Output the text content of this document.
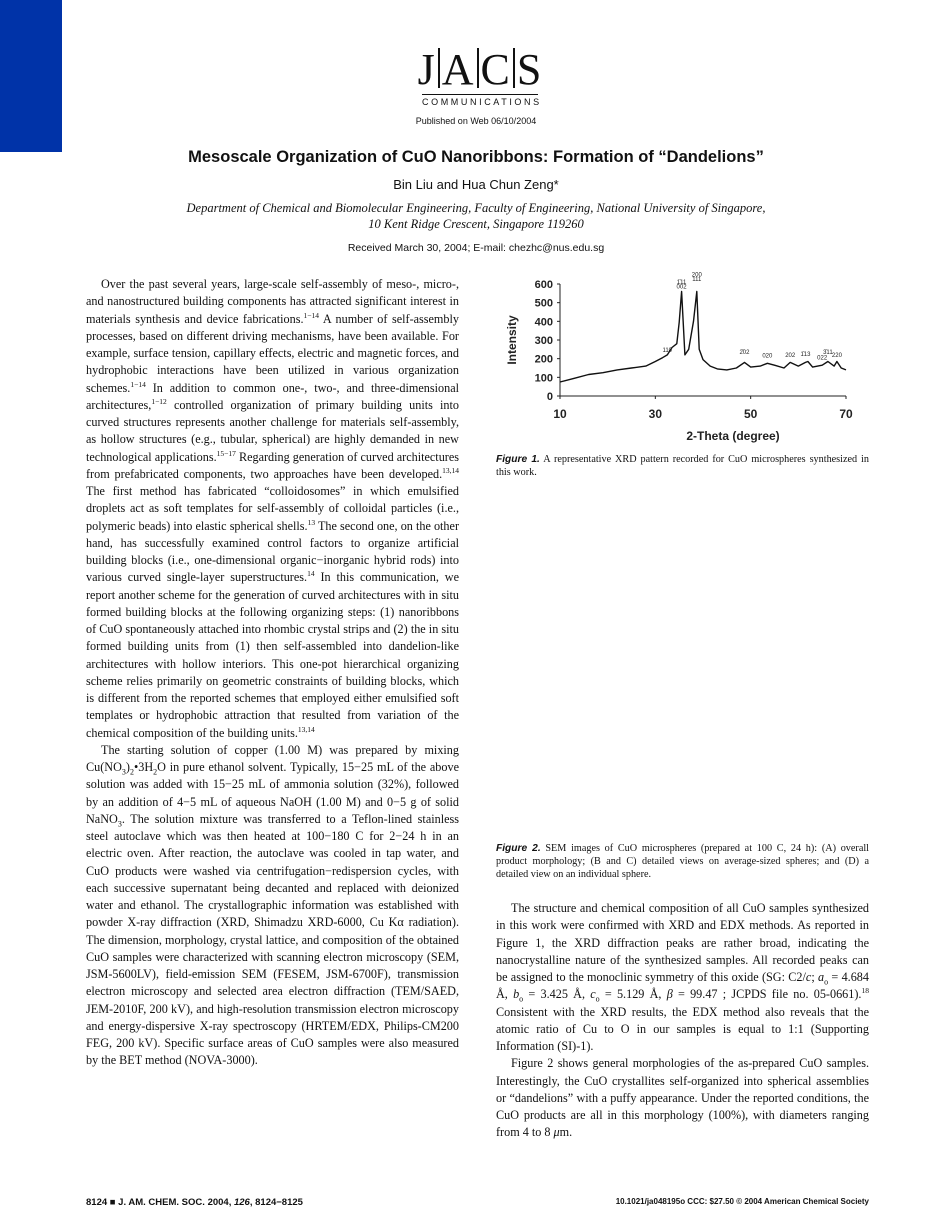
J A C S
COMMUNICATIONS
Published on Web 06/10/2004
Mesoscale Organization of CuO Nanoribbons: Formation of “Dandelions”
Bin Liu and Hua Chun Zeng*
Department of Chemical and Biomolecular Engineering, Faculty of Engineering, National University of Singapore,
10 Kent Ridge Crescent, Singapore 119260
Received March 30, 2004; E-mail: chezhc@nus.edu.sg

Over the past several years, large-scale self-assembly of meso-, micro-, and nanostructured building components has attracted significant interest in materials synthesis and device fabrications.$^{1-14}$ A number of self-assembly processes, based on different driving mechanisms, have been available. For example, surface tension, capillary effects, electric and magnetic forces, and hydrophobic interactions have been utilized in various organization schemes.$^{1-14}$ In addition to common one-, two-, and three-dimensional architectures,$^{1-12}$ controlled organization of primary building units into curved structures represents another challenge for materials self-assembly, as hollow structures (e.g., tubular, spherical) are highly demanded in new technological applications.$^{15-17}$ Regarding generation of curved architectures from prefabricated components, two approaches have been developed.$^{13,14}$ The first method has fabricated “colloidosomes” in which emulsified droplets act as soft templates for self-assembly of colloidal particles (i.e., polymeric beads) into elastic spherical shells.$^{13}$ The second one, on the other hand, has successfully examined control factors to organize artificial building blocks (i.e., one-dimensional organic−inorganic hybrid rods) into various curved single-layer superstructures.$^{14}$ In this communication, we report another scheme for the generation of curved architectures with in situ formed building blocks at the following organizing steps: (1) nanoribbons of CuO spontaneously attached into rhombic crystal strips and (2) the in situ formed building units from (1) then self-assembled into dandelion-like architectures with hollow interiors. This one-pot hierarchical organizing scheme relies primarily on geometric constraints of building blocks, which is different from the reported schemes that employed either emulsified soft templates or hydrophobic attraction that resulted from variation of the chemical composition of the building units.$^{13,14}$

The starting solution of copper (1.00 M) was prepared by mixing $Cu(NO_3)_2•3H_2O$ in pure ethanol solvent. Typically, 15−25 mL of the above solution was added with 15−25 mL of ammonia solution (32%), followed by an addition of 4−5 mL of aqueous NaOH (1.00 M) and 0−5 g of solid NaNO$_3$. The solution mixture was transferred to a Teflon-lined stainless steel autoclave which was then heated at 100−180 C for 2−24 h in an electric oven. After reaction, the autoclave was cooled in tap water, and CuO products were washed via centrifugation−redispersion cycles, with each successive supernatant being decanted and replaced with deionized water and ethanol. The crystallographic information was established with powder X-ray diffraction (XRD, Shimadzu XRD-6000, Cu Kα radiation). The dimension, morphology, crystal lattice, and composition of the obtained CuO samples were characterized with scanning electron microscopy (SEM, JSM-5600LV), field-emission SEM (FESEM, JSM-6700F), transmission electron microscopy and selected area electron diffraction (TEM/SAED, JEM-2010F, 200 kV), and high-resolution transmission electron microscopy and energy-dispersive X-ray spectroscopy (HRTEM/EDX, Philips-CM200 FEG, 200 kV). Specific surface areas of CuO samples were also measured by the BET method (NOVA-3000).

0
100
200
300
400
500
600
10	30	50	70
2-Theta (degree)
Intensity
1̄11
002
200
111
110	2̄02
020 202 1̄13
022
3̄11 220
Figure 1. A representative XRD pattern recorded for CuO microspheres synthesized in this work.
Figure 2. SEM images of CuO microspheres (prepared at 100 C, 24 h): (A) overall product morphology; (B and C) detailed views on average-sized spheres; and (D) a detailed view on an individual sphere.

The structure and chemical composition of all CuO samples synthesized in this work were confirmed with XRD and EDX methods. As reported in Figure 1, the XRD diffraction peaks are rather broad, indicating the nanocrystalline nature of the synthesized samples. All recorded peaks can be assigned to the monoclinic symmetry of this oxide (SG: C2/c; $a_o = 4.684$ Å, $b_o = 3.425$ Å, $c_o = 5.129$ Å, β = 99.47 ; JCPDS file no. 05-0661).$^{18}$ Consistent with the XRD results, the EDX method also reveals that the atomic ratio of Cu to O in our samples is equal to 1:1 (Supporting Information (SI)-1).

Figure 2 shows general morphologies of the as-prepared CuO samples. Interestingly, the CuO crystallites self-organized into spherical assemblies or “dandelions” with a puffy appearance. Under the reported conditions, the CuO products are all in this morphology (100%), with diameters ranging from 4 to 8 μm.

8124 ■ J. AM. CHEM. SOC. 2004, 126, 8124−8125	10.1021/ja048195o CCC: $27.50 © 2004 American Chemical Society
